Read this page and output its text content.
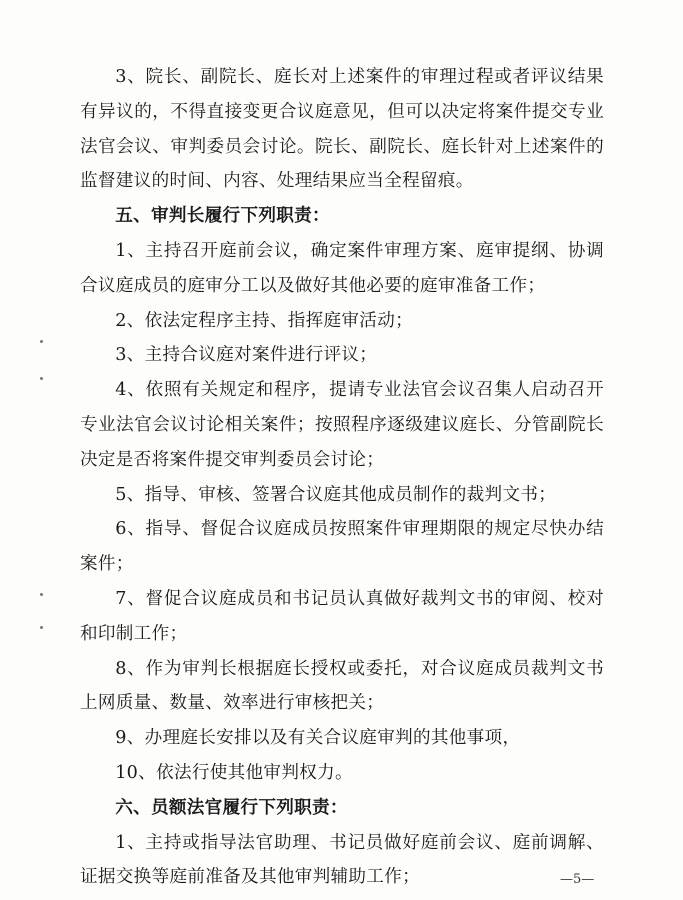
3、院长、副院长、庭长对上述案件的审理过程或者评议结果有异议的，不得直接变更合议庭意见，但可以决定将案件提交专业法官会议、审判委员会讨论。院长、副院长、庭长针对上述案件的监督建议的时间、内容、处理结果应当全程留痕。

五、审判长履行下列职责：

1、主持召开庭前会议，确定案件审理方案、庭审提纲、协调合议庭成员的庭审分工以及做好其他必要的庭审准备工作；

2、依法定程序主持、指挥庭审活动；

3、主持合议庭对案件进行评议；

4、依照有关规定和程序，提请专业法官会议召集人启动召开专业法官会议讨论相关案件；按照程序逐级建议庭长、分管副院长决定是否将案件提交审判委员会讨论；

5、指导、审核、签署合议庭其他成员制作的裁判文书；

6、指导、督促合议庭成员按照案件审理期限的规定尽快办结案件；

7、督促合议庭成员和书记员认真做好裁判文书的审阅、校对和印制工作；

8、作为审判长根据庭长授权或委托，对合议庭成员裁判文书上网质量、数量、效率进行审核把关；

9、办理庭长安排以及有关合议庭审判的其他事项，

10、依法行使其他审判权力。

六、员额法官履行下列职责：

1、主持或指导法官助理、书记员做好庭前会议、庭前调解、证据交换等庭前准备及其他审判辅助工作；	—5—
